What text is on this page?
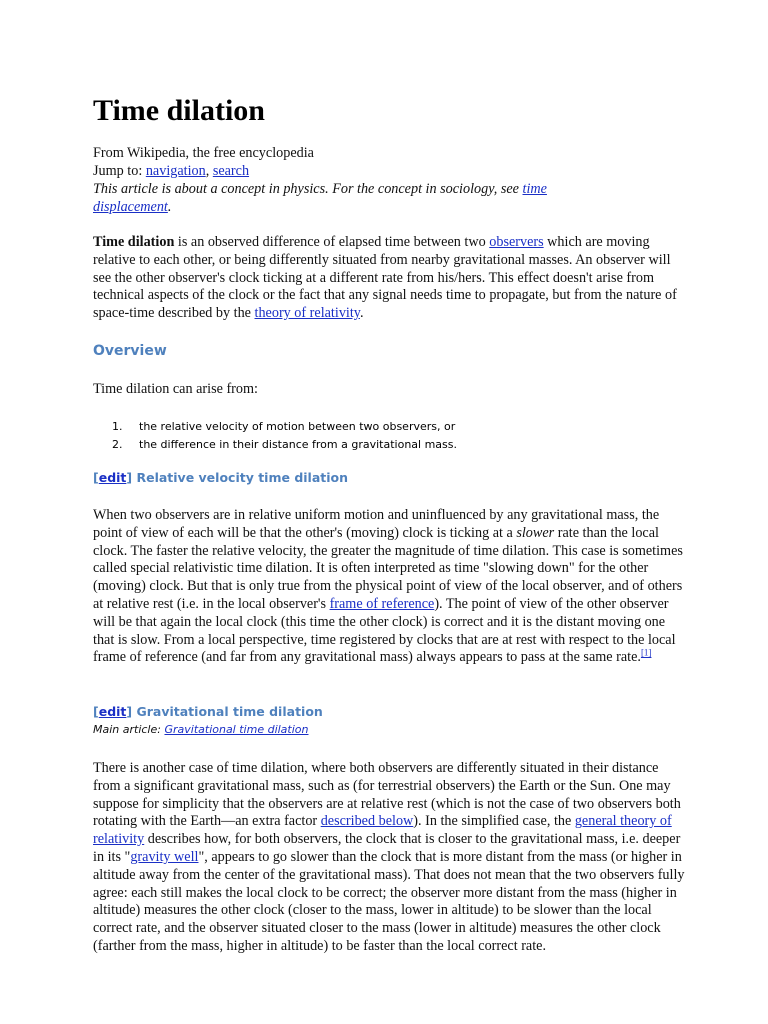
Time dilation

From Wikipedia, the free encyclopedia

Jump to: navigation, search

This article is about a concept in physics. For the concept in sociology, see time
displacement.

Time dilation is an observed difference of elapsed time between two observers which are moving relative to each other, or being differently situated from nearby gravitational masses. An observer will see the other observer's clock ticking at a different rate from his/hers. This effect doesn't arise from technical aspects of the clock or the fact that any signal needs time to propagate, but from the nature of space-time described by the theory of relativity.

Overview

Time dilation can arise from:

1.	the relative velocity of motion between two observers, or
2.	the difference in their distance from a gravitational mass.
[edit] Relative velocity time dilation

When two observers are in relative uniform motion and uninfluenced by any gravitational mass, the point of view of each will be that the other's (moving) clock is ticking at a slower rate than the local clock. The faster the relative velocity, the greater the magnitude of time dilation. This case is sometimes called special relativistic time dilation. It is often interpreted as time "slowing down" for the other (moving) clock. But that is only true from the physical point of view of the local observer, and of others at relative rest (i.e. in the local observer's frame of reference). The point of view of the other observer will be that again the local clock (this time the other clock) is correct and it is the distant moving one that is slow. From a local perspective, time registered by clocks that are at rest with respect to the local frame of reference (and far from any gravitational mass) always appears to pass at the same rate.[1]

[edit] Gravitational time dilation

Main article: Gravitational time dilation

There is another case of time dilation, where both observers are differently situated in their distance from a significant gravitational mass, such as (for terrestrial observers) the Earth or the Sun. One may suppose for simplicity that the observers are at relative rest (which is not the case of two observers both rotating with the Earth—an extra factor described below). In the simplified case, the general theory of relativity describes how, for both observers, the clock that is closer to the gravitational mass, i.e. deeper in its "gravity well", appears to go slower than the clock that is more distant from the mass (or higher in altitude away from the center of the gravitational mass). That does not mean that the two observers fully agree: each still makes the local clock to be correct; the observer more distant from the mass (higher in altitude) measures the other clock (closer to the mass, lower in altitude) to be slower than the local correct rate, and the observer situated closer to the mass (lower in altitude) measures the other clock (farther from the mass, higher in altitude) to be faster than the local correct rate.
